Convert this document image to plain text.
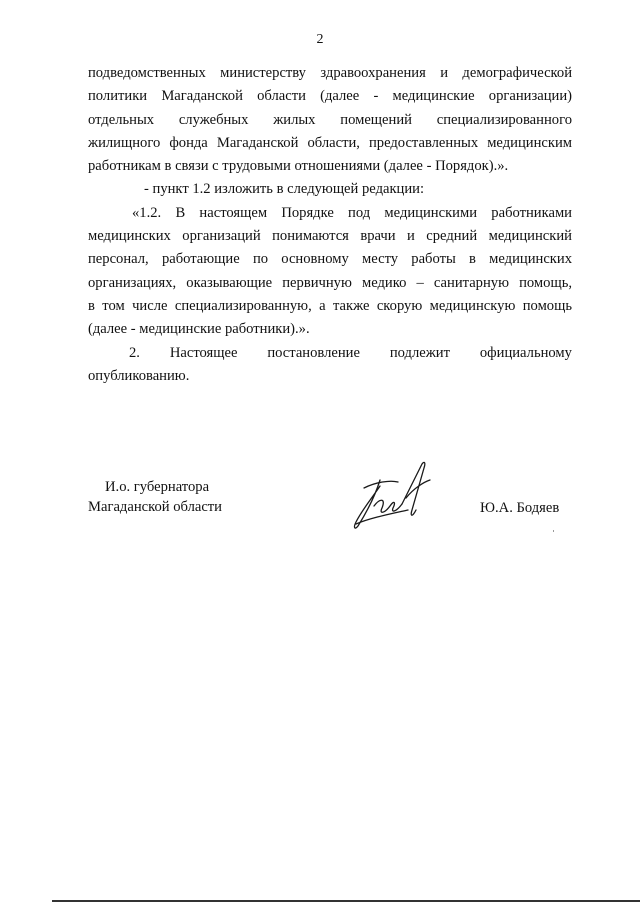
2
подведомственных министерству здравоохранения и демографической
политики Магаданской области (далее - медицинские организации)
отдельных служебных жилых помещений специализированного
жилищного фонда Магаданской области, предоставленных медицинским
работникам в связи с трудовыми отношениями (далее - Порядок).».
- пункт 1.2 изложить в следующей редакции:
«1.2. В настоящем Порядке под медицинскими работниками
медицинских организаций понимаются врачи и средний медицинский
персонал, работающие по основному месту работы в медицинских
организациях, оказывающие первичную медико – санитарную помощь,
в том числе специализированную, а также скорую медицинскую помощь
(далее - медицинские работники).».
2. Настоящее постановление подлежит официальному
опубликованию.
И.о. губернатора
Магаданской области	Ю.А. Бодяев
